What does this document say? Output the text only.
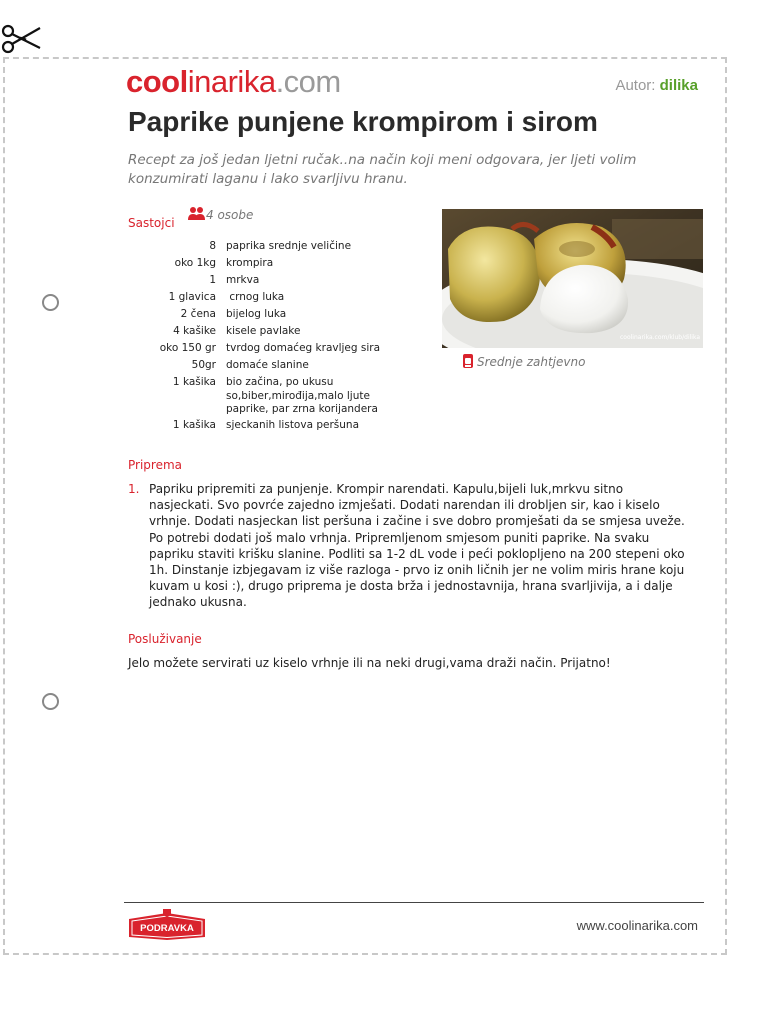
coolinarika.com	Autor: dilika
Paprike punjene krompirom i sirom

Recept za još jedan ljetni ručak..na način koji meni odgovara, jer ljeti volim konzumirati laganu i lako svarljivu hranu.

Sastojci

4 osobe
8	paprika srednje veličine
oko 1kg	krompira
1	mrkva
1 glavica	crnog luka
2 čena	bijelog luka
4 kašike	kisele pavlake
oko 150 gr	tvrdog domaćeg kravljeg sira
50gr	domaće slanine
1 kašika	bio začina, po ukusu so,biber,mirođija,malo ljute paprike, par zrna korijandera
1 kašika	sjeckanih listova peršuna
coolinarika.com/klub/dilika
Srednje zahtjevno

Priprema

1. Papriku pripremiti za punjenje. Krompir narendati. Kapulu,bijeli luk,mrkvu sitno nasjeckati. Svo povrće zajedno izmješati. Dodati narendan ili drobljen sir, kao i kiselo vrhnje. Dodati nasjeckan list peršuna i začine i sve dobro promješati da se smjesa uveže. Po potrebi dodati još malo vrhnja. Pripremljenom smjesom puniti paprike. Na svaku papriku staviti krišku slanine. Podliti sa 1-2 dL vode i peći poklopljeno na 200 stepeni oko 1h. Dinstanje izbjegavam iz više razloga - prvo iz onih ličnih jer ne volim miris hrane koju kuvam u kosi :), drugo priprema je dosta brža i jednostavnija, hrana svarljivija, a i dalje jednako ukusna.

Posluživanje

Jelo možete servirati uz kiselo vrhnje ili na neki drugi,vama draži način. Prijatno!

PODRAVKA	www.coolinarika.com
